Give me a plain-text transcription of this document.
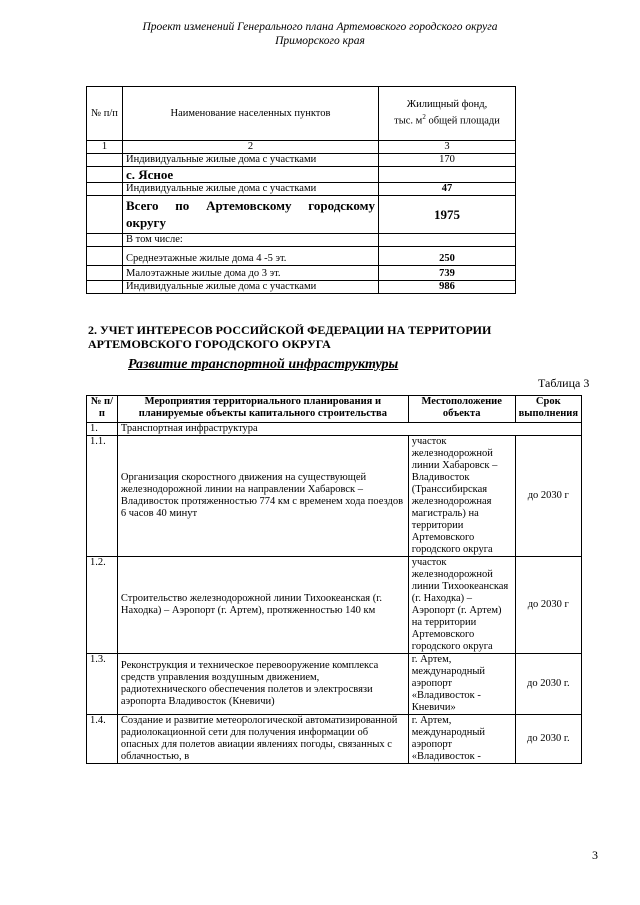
Проект изменений Генерального плана Артемовского городского округа
Приморского края
№ п/п	Наименование населенных пунктов	Жилищный фонд,
тыс. $м^2$ общей площади
1	2	3
	Индивидуальные жилые дома с участками	170
	с. Ясное	
	Индивидуальные жилые дома с участками	47
	Всего по Артемовскому городскому округу	1975
	В том числе:	
	Среднеэтажные жилые дома 4 -5 эт.	250
	Малоэтажные жилые дома до 3 эт.	739
	Индивидуальные жилые дома с участками	986
2. УЧЕТ ИНТЕРЕСОВ РОССИЙСКОЙ ФЕДЕРАЦИИ НА ТЕРРИТОРИИ АРТЕМОВСКОГО ГОРОДСКОГО ОКРУГА
Развитие транспортной инфраструктуры
Таблица 3
№ п/п	Мероприятия территориального планирования и планируемые объекты капитального строительства	Местоположение объекта	Срок выполнения
1.	Транспортная инфраструктура		
1.1.	Организация скоростного движения на существующей железнодорожной линии на направлении Хабаровск – Владивосток протяженностью 774 км с временем хода поездов 6 часов 40 минут	участок железнодорожной линии Хабаровск – Владивосток (Транссибирская железнодорожная магистраль) на территории Артемовского городского округа	до 2030 г
1.2.	Строительство железнодорожной линии Тихоокеанская (г. Находка) – Аэропорт (г. Артем), протяженностью 140 км	участок железнодорожной линии Тихоокеанская (г. Находка) – Аэропорт (г. Артем) на территории Артемовского городского округа	до 2030 г
1.3.	Реконструкция и техническое перевооружение комплекса средств управления воздушным движением, радиотехнического обеспечения полетов и электросвязи аэропорта Владивосток (Кневичи)	г. Артем, международный аэропорт «Владивосток - Кневичи»	до 2030 г.
1.4.	Создание и развитие метеорологической автоматизированной радиолокационной сети для получения информации об опасных для полетов авиации явлениях погоды, связанных с облачностью, в	г. Артем, международный аэропорт «Владивосток -	до 2030 г.
3
